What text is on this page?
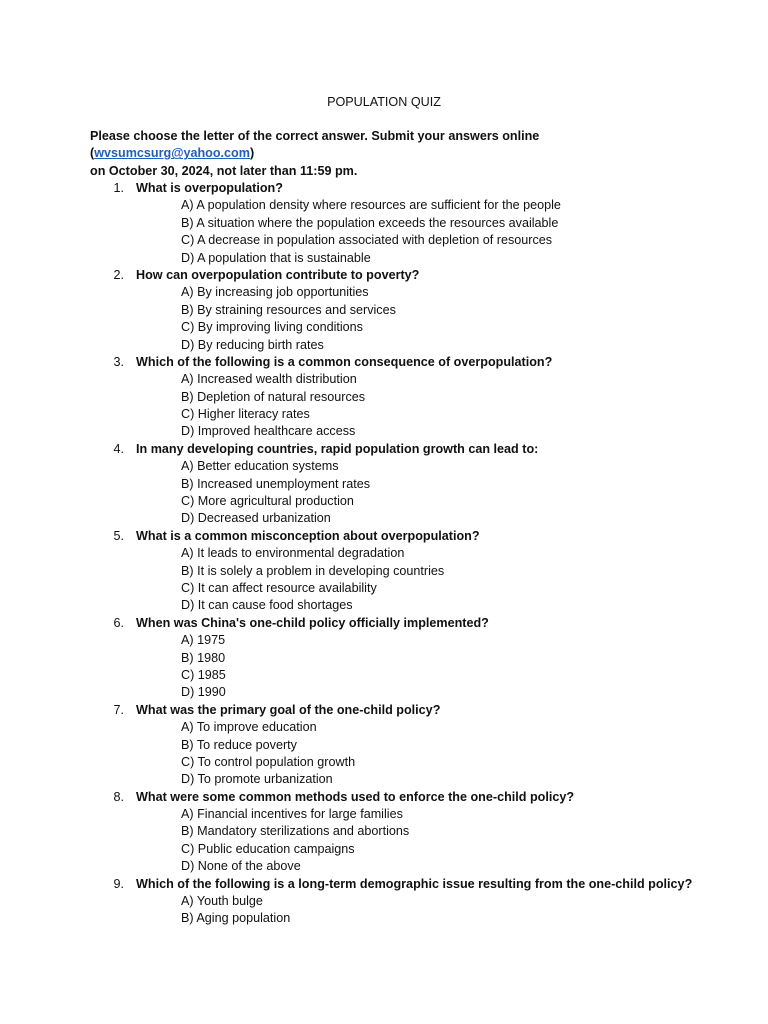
POPULATION QUIZ
Please choose the letter of the correct answer. Submit your answers online (wvsumcsurg@yahoo.com)
on October 30, 2024, not later than 11:59 pm.
1. What is overpopulation?
A) A population density where resources are sufficient for the people
B) A situation where the population exceeds the resources available
C) A decrease in population associated with depletion of resources
D) A population that is sustainable
2. How can overpopulation contribute to poverty?
A) By increasing job opportunities
B) By straining resources and services
C) By improving living conditions
D) By reducing birth rates
3. Which of the following is a common consequence of overpopulation?
A) Increased wealth distribution
B) Depletion of natural resources
C) Higher literacy rates
D) Improved healthcare access
4. In many developing countries, rapid population growth can lead to:
A) Better education systems
B) Increased unemployment rates
C) More agricultural production
D) Decreased urbanization
5. What is a common misconception about overpopulation?
A) It leads to environmental degradation
B) It is solely a problem in developing countries
C) It can affect resource availability
D) It can cause food shortages
6. When was China's one-child policy officially implemented?
A) 1975
B) 1980
C) 1985
D) 1990
7. What was the primary goal of the one-child policy?
A) To improve education
B) To reduce poverty
C) To control population growth
D) To promote urbanization
8. What were some common methods used to enforce the one-child policy?
A) Financial incentives for large families
B) Mandatory sterilizations and abortions
C) Public education campaigns
D) None of the above
9. Which of the following is a long-term demographic issue resulting from the one-child policy?
A) Youth bulge
B) Aging population
